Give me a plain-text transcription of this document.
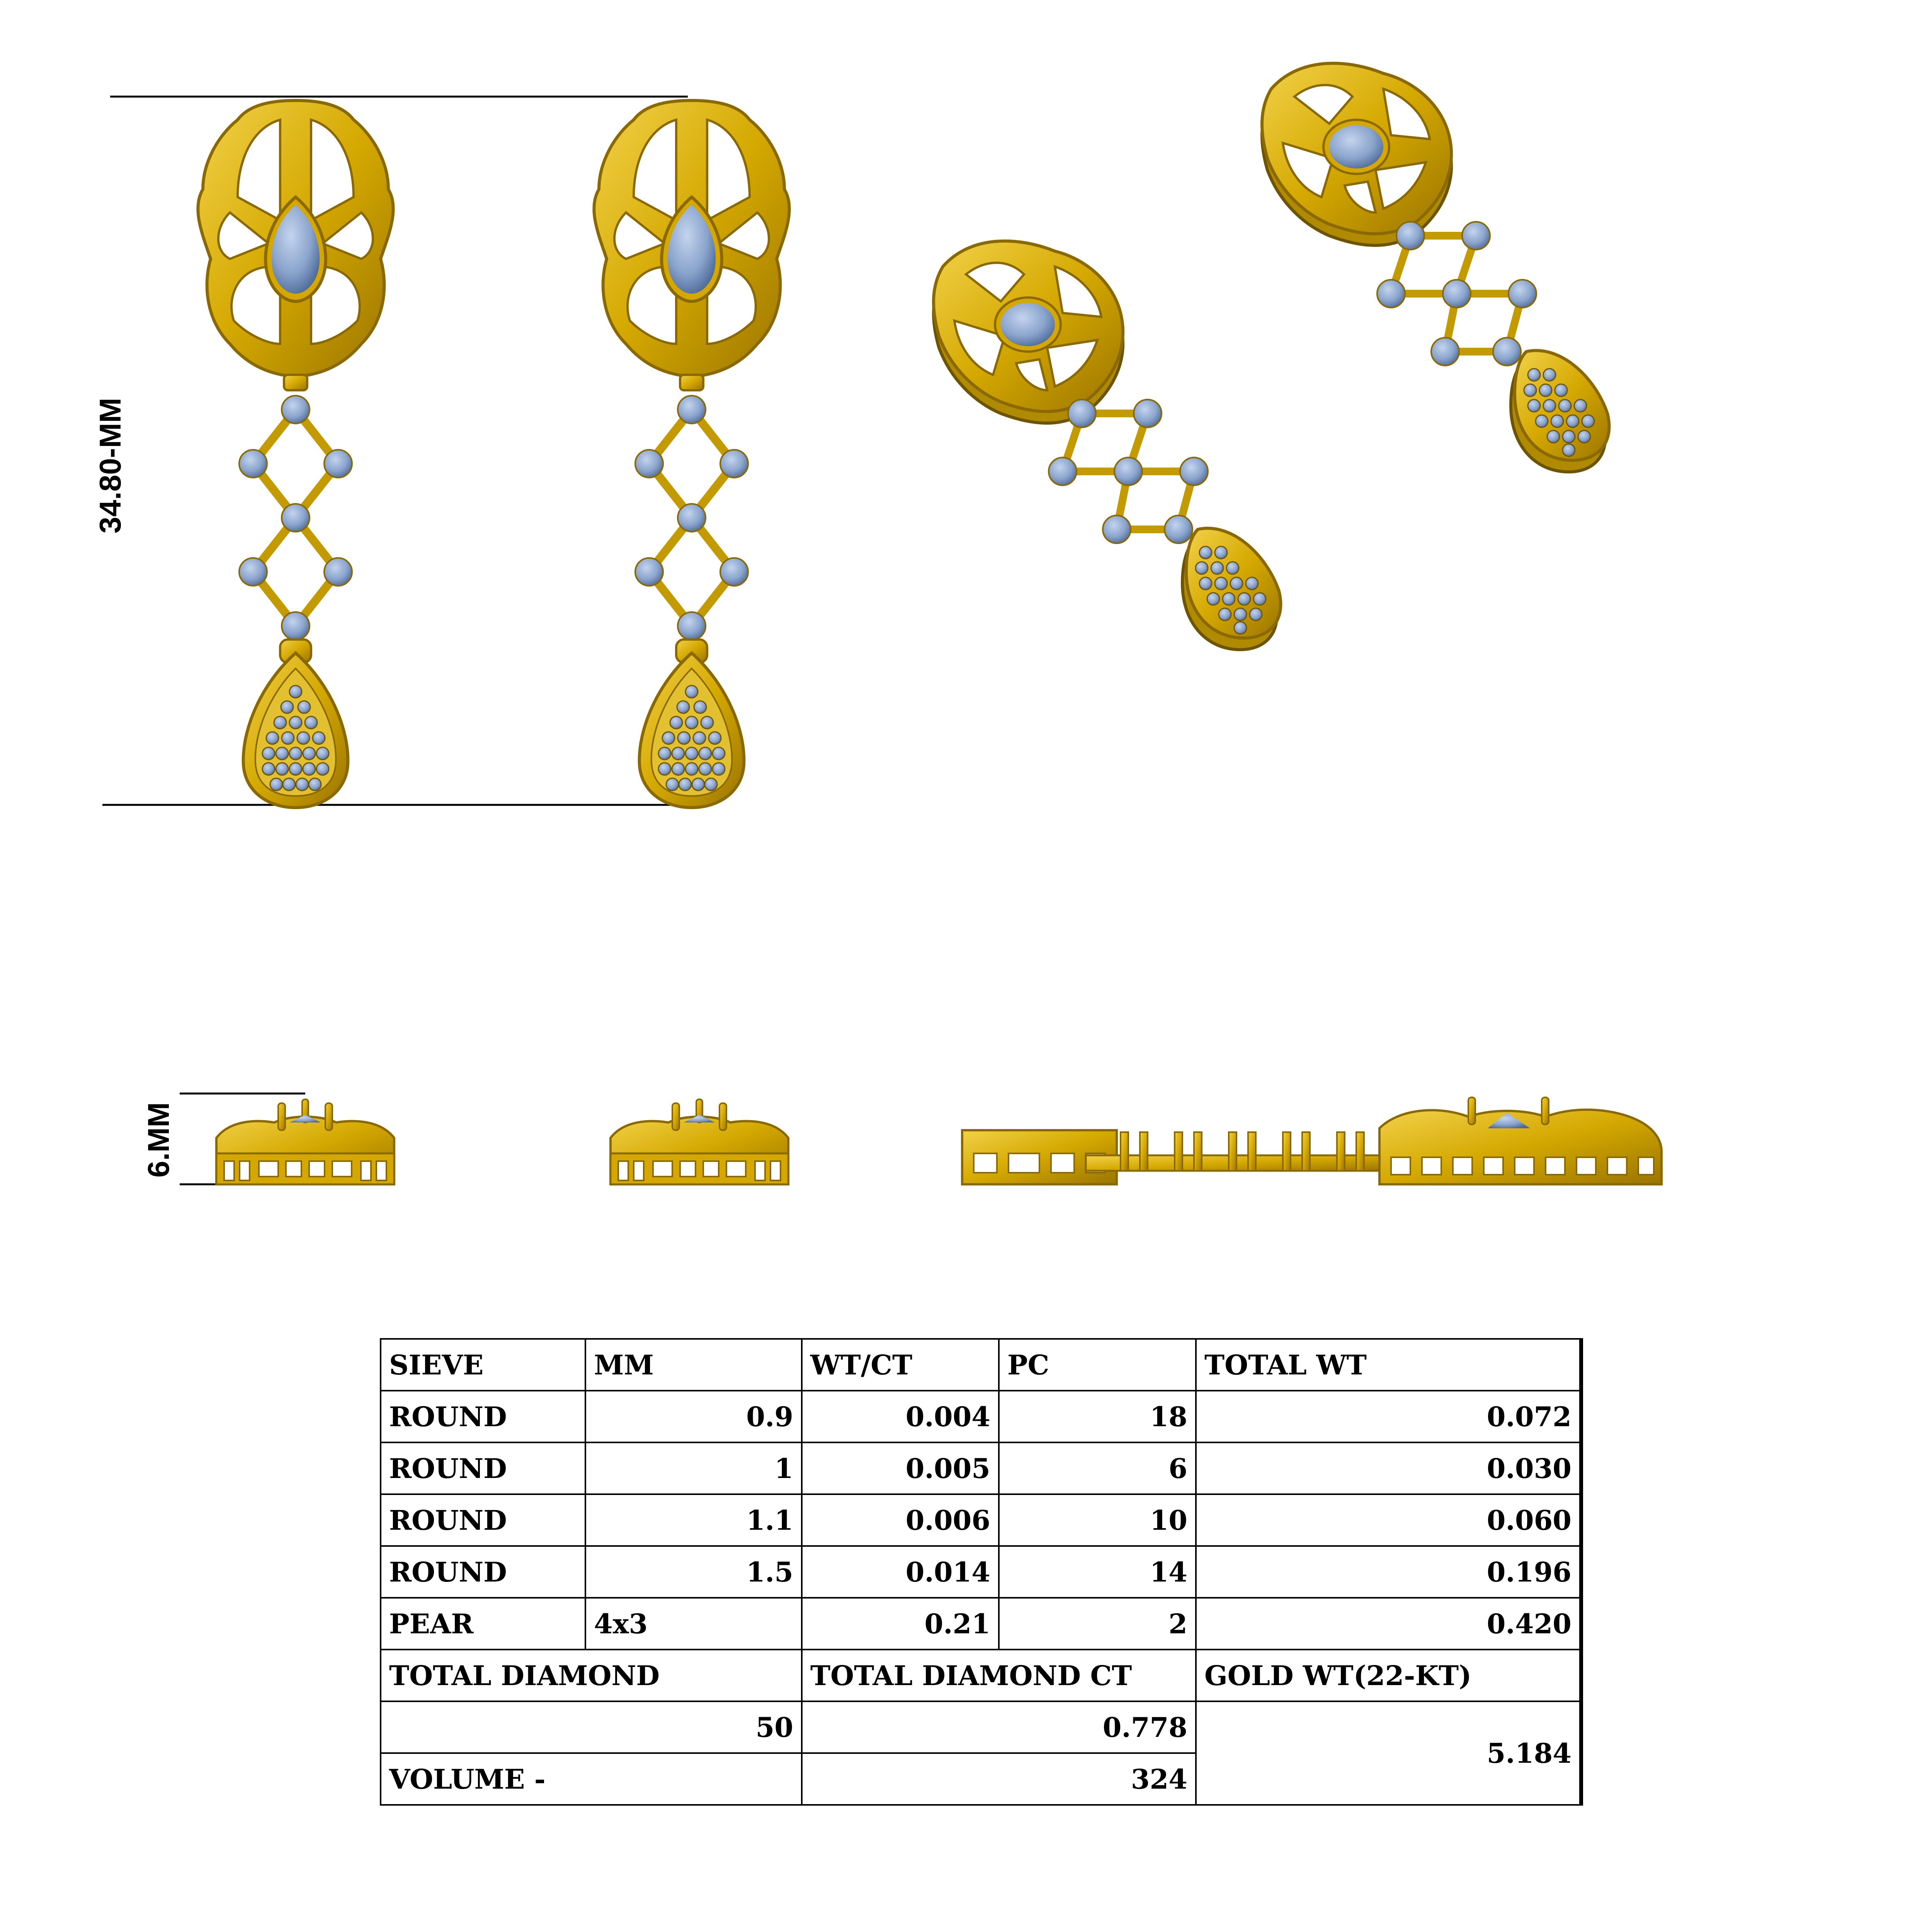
34.80-MM
6.MM
SIEVE	MM	WT/CT	PC	TOTAL WT
ROUND	0.9	0.004	18	0.072
ROUND	1	0.005	6	0.030
ROUND	1.1	0.006	10	0.060
ROUND	1.5	0.014	14	0.196
PEAR	4x3	0.21	2	0.420
TOTAL DIAMOND		TOTAL DIAMOND CT		GOLD WT(22-KT)
50		0.778		5.184
VOLUME -		324		
